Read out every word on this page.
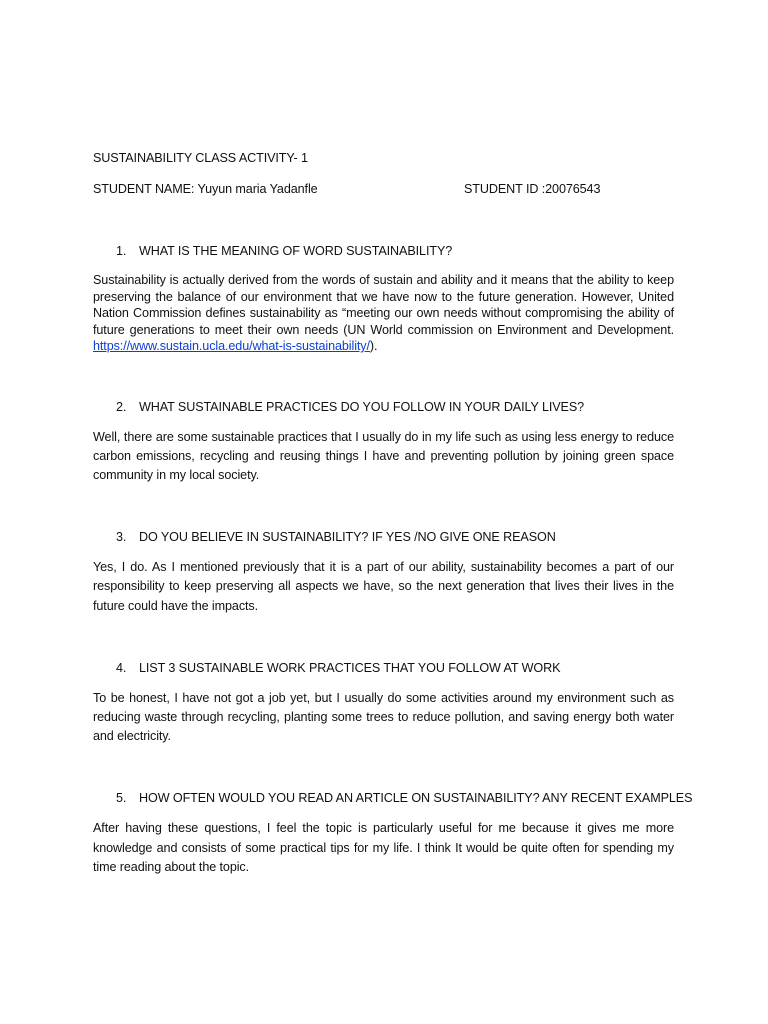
SUSTAINABILITY CLASS ACTIVITY- 1
STUDENT NAME: Yuyun maria Yadanfle	STUDENT ID :20076543
1. WHAT IS THE MEANING OF WORD SUSTAINABILITY?

Sustainability is actually derived from the words of sustain and ability and it means that the ability to keep preserving the balance of our environment that we have now to the future generation. However, United Nation Commission defines sustainability as “meeting our own needs without compromising the ability of future generations to meet their own needs (UN World commission on Environment and Development. https://www.sustain.ucla.edu/what-is-sustainability/).

2. WHAT SUSTAINABLE PRACTICES DO YOU FOLLOW IN YOUR DAILY LIVES?

Well, there are some sustainable practices that I usually do in my life such as using less energy to reduce carbon emissions, recycling and reusing things I have and preventing pollution by joining green space community in my local society.

3. DO YOU BELIEVE IN SUSTAINABILITY? IF YES /NO GIVE ONE REASON

Yes, I do. As I mentioned previously that it is a part of our ability, sustainability becomes a part of our responsibility to keep preserving all aspects we have, so the next generation that lives their lives in the future could have the impacts.

4. LIST 3 SUSTAINABLE WORK PRACTICES THAT YOU FOLLOW AT WORK

To be honest, I have not got a job yet, but I usually do some activities around my environment such as reducing waste through recycling, planting some trees to reduce pollution, and saving energy both water and electricity.

5. HOW OFTEN WOULD YOU READ AN ARTICLE ON SUSTAINABILITY? ANY RECENT EXAMPLES

After having these questions, I feel the topic is particularly useful for me because it gives me more knowledge and consists of some practical tips for my life. I think It would be quite often for spending my time reading about the topic.
